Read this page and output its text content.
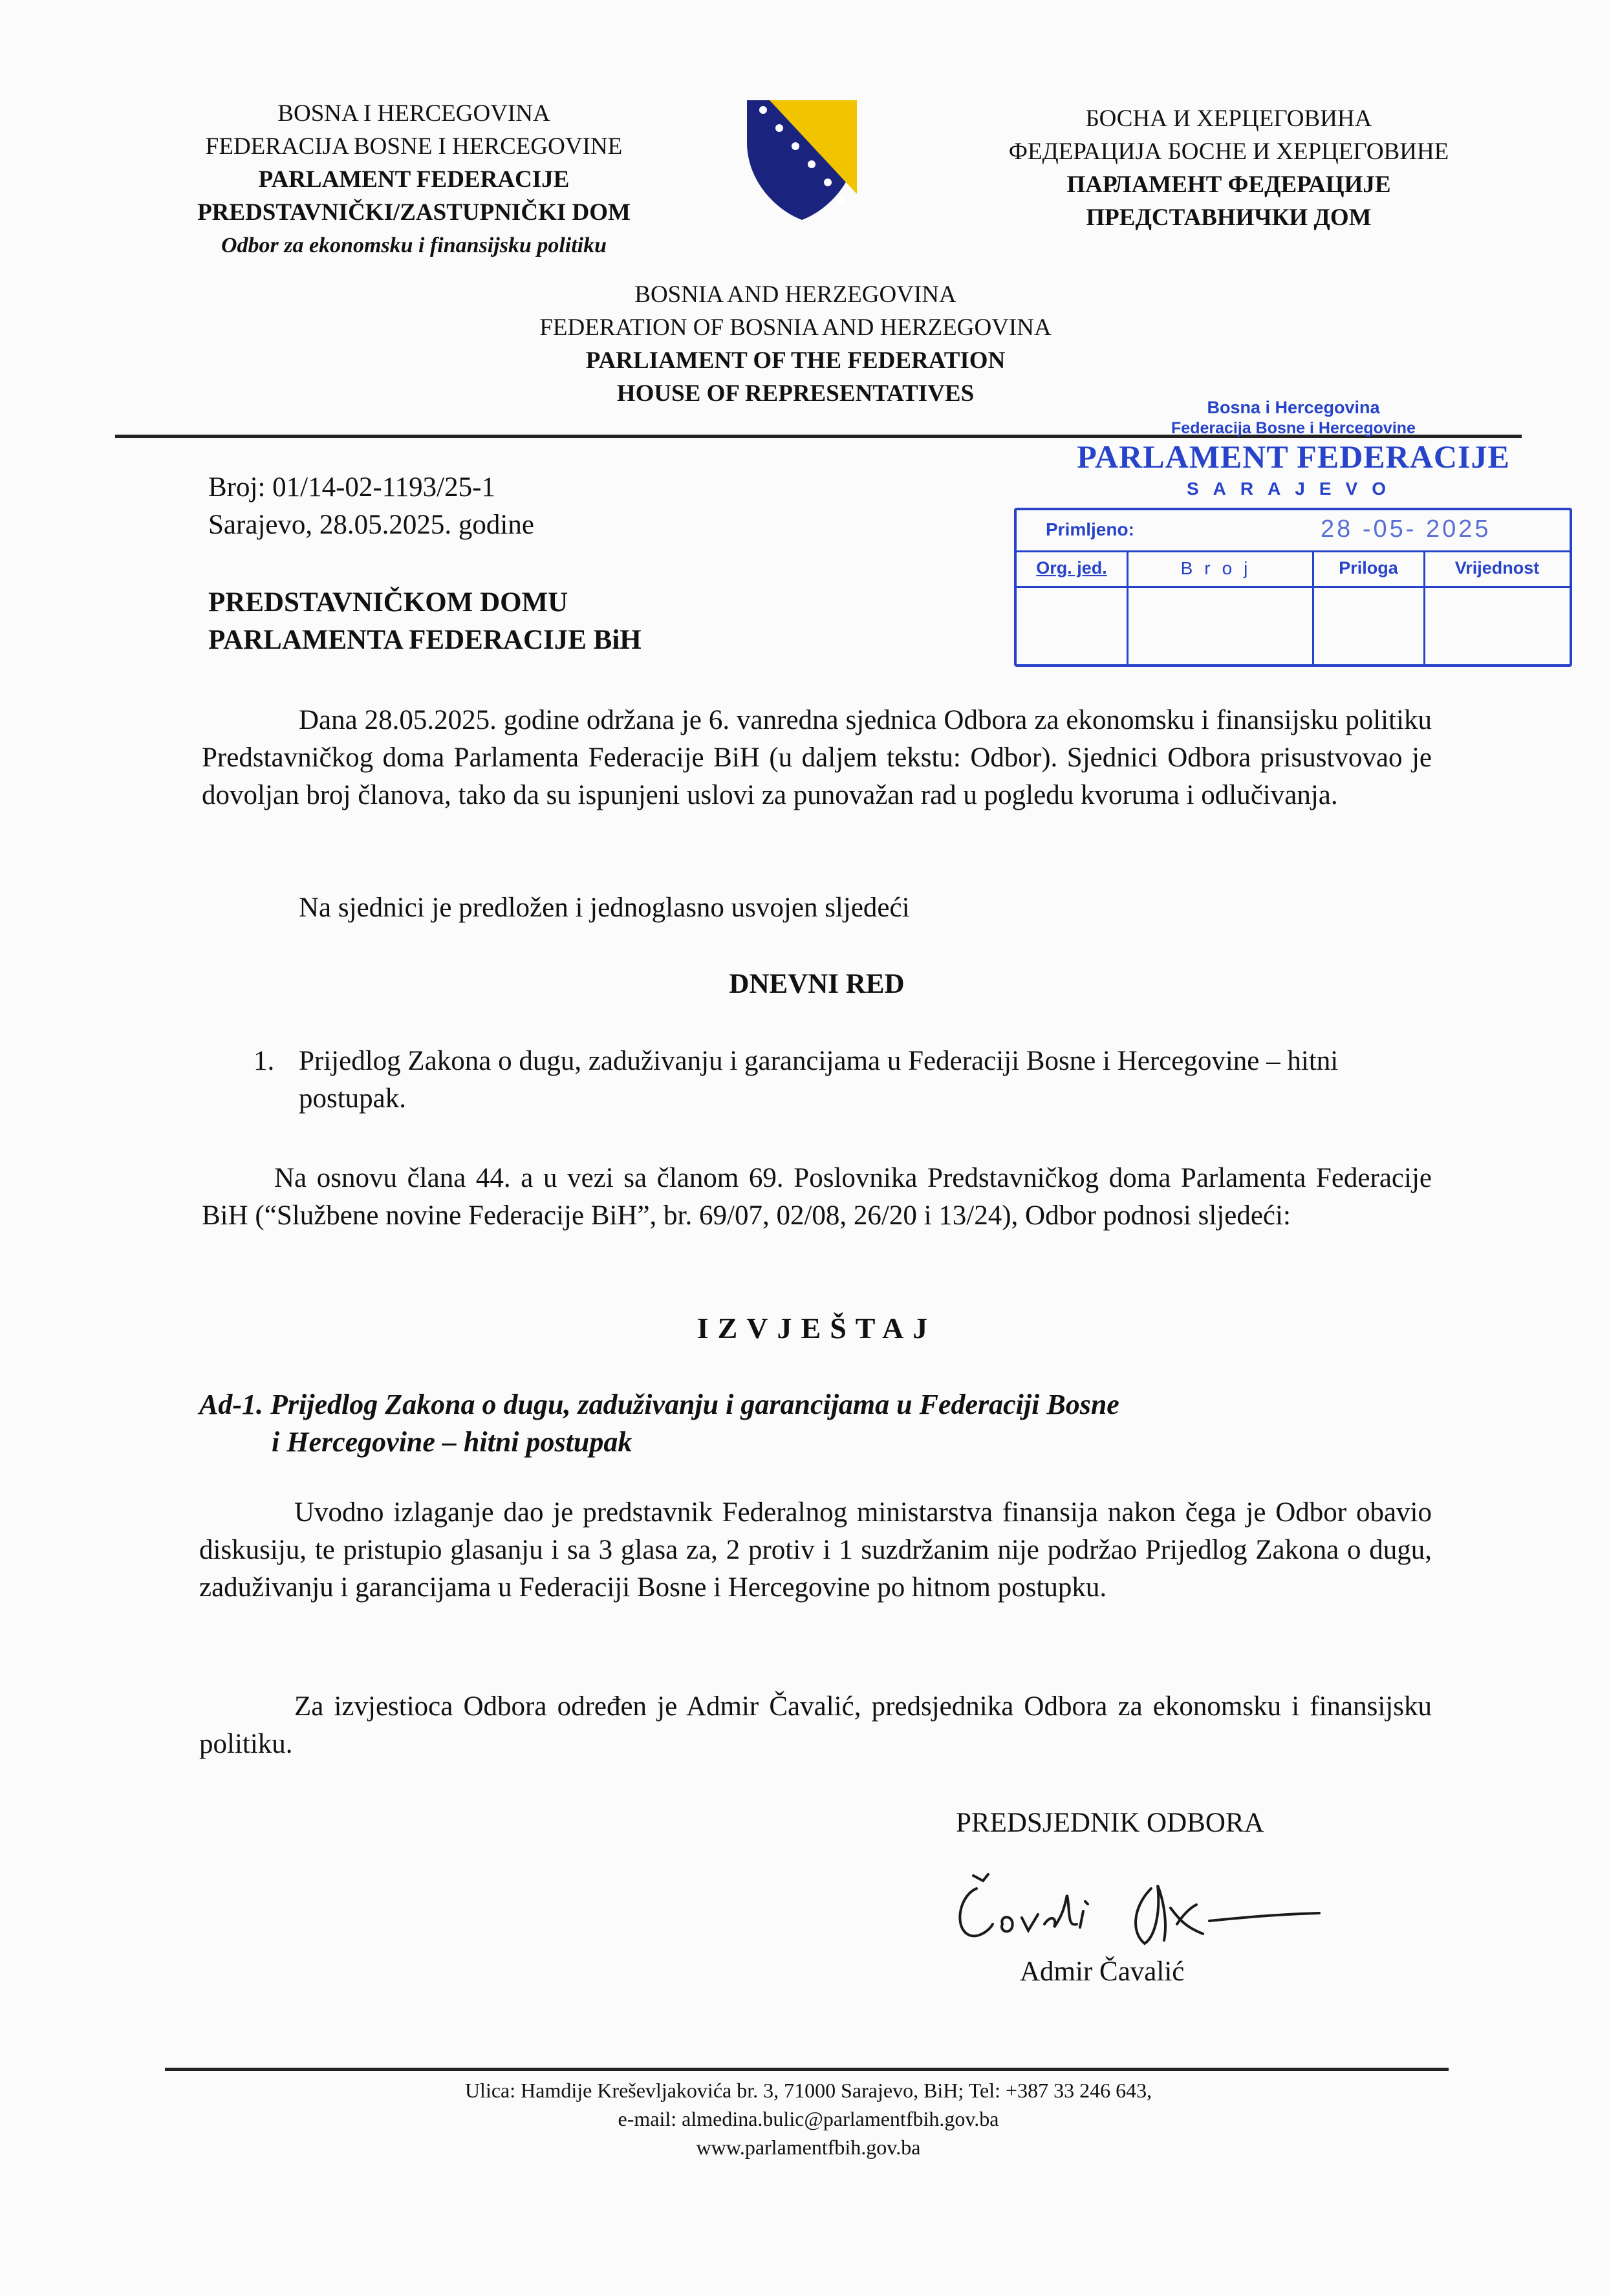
BOSNA I HERCEGOVINA
FEDERACIJA BOSNE I HERCEGOVINE
PARLAMENT FEDERACIJE
PREDSTAVNIČKI/ZASTUPNIČKI DOM
Odbor za ekonomsku i finansijsku politiku
БОСНА И ХЕРЦЕГОВИНА
ФЕДЕРАЦИЈА БОСНЕ И ХЕРЦЕГОВИНЕ
ПАРЛАМЕНТ ФЕДЕРАЦИЈЕ
ПРЕДСТАВНИЧКИ ДОМ
BOSNIA AND HERZEGOVINA
FEDERATION OF BOSNIA AND HERZEGOVINA
PARLIAMENT OF THE FEDERATION
HOUSE OF REPRESENTATIVES
Bosna i Hercegovina
Federacija Bosne i Hercegovine
PARLAMENT FEDERACIJE
SARAJEVO
Primljeno:	28 -05- 2025
Org. jed.	Broj	Priloga	Vrijednost
Broj: 01/14-02-1193/25-1
Sarajevo, 28.05.2025. godine
PREDSTAVNIČKOM DOMU
PARLAMENTA FEDERACIJE BiH
Dana 28.05.2025. godine održana je 6. vanredna sjednica Odbora za ekonomsku i finansijsku politiku Predstavničkog doma Parlamenta Federacije BiH (u daljem tekstu: Odbor). Sjednici Odbora prisustvovao je dovoljan broj članova, tako da su ispunjeni uslovi za punovažan rad u pogledu kvoruma i odlučivanja.
Na sjednici je predložen i jednoglasno usvojen sljedeći
DNEVNI RED
1. Prijedlog Zakona o dugu, zaduživanju i garancijama u Federaciji Bosne i Hercegovine – hitni postupak.
Na osnovu člana 44. a u vezi sa članom 69. Poslovnika Predstavničkog doma Parlamenta Federacije BiH (“Službene novine Federacije BiH”, br. 69/07, 02/08, 26/20 i 13/24), Odbor podnosi sljedeći:
IZVJEŠTAJ
Ad-1. Prijedlog Zakona o dugu, zaduživanju i garancijama u Federaciji Bosne
i Hercegovine – hitni postupak
Uvodno izlaganje dao je predstavnik Federalnog ministarstva finansija nakon čega je Odbor obavio diskusiju, te pristupio glasanju i sa 3 glasa za, 2 protiv i 1 suzdržanim nije podržao Prijedlog Zakona o dugu, zaduživanju i garancijama u Federaciji Bosne i Hercegovine po hitnom postupku.
Za izvjestioca Odbora određen je Admir Čavalić, predsjednika Odbora za ekonomsku i finansijsku politiku.
PREDSJEDNIK ODBORA
Admir Čavalić
Ulica: Hamdije Kreševljakovića br. 3, 71000 Sarajevo, BiH; Tel: +387 33 246 643,
e-mail: almedina.bulic@parlamentfbih.gov.ba
www.parlamentfbih.gov.ba
